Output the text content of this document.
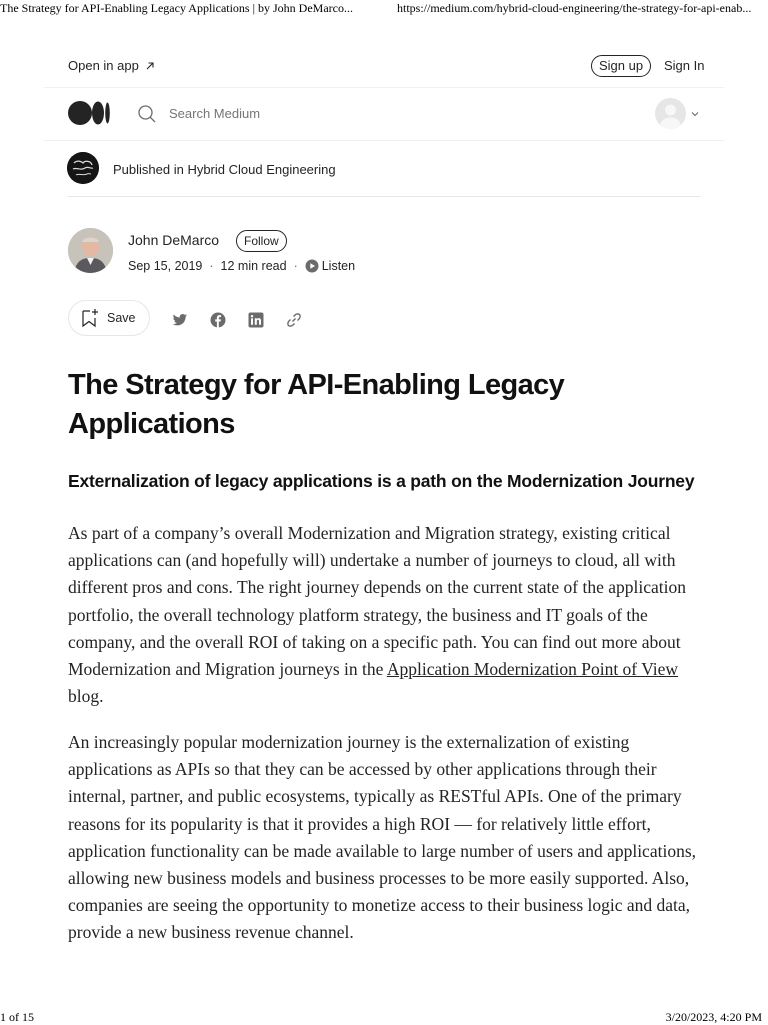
The Strategy for API-Enabling Legacy Applications | by John DeMarco...	https://medium.com/hybrid-cloud-engineering/the-strategy-for-api-enab...
1 of 15	3/20/2023, 4:20 PM
Open in app	Sign up	Sign In
Search Medium
Published in Hybrid Cloud Engineering
John DeMarco	Follow
Sep 15, 2019 · 12 min read · Listen
Save
The Strategy for API-Enabling Legacy Applications
Externalization of legacy applications is a path on the Modernization Journey

As part of a company’s overall Modernization and Migration strategy, existing critical applications can (and hopefully will) undertake a number of journeys to cloud, all with different pros and cons. The right journey depends on the current state of the application portfolio, the overall technology platform strategy, the business and IT goals of the company, and the overall ROI of taking on a specific path. You can find out more about Modernization and Migration journeys in the Application Modernization Point of View blog.

An increasingly popular modernization journey is the externalization of existing applications as APIs so that they can be accessed by other applications through their internal, partner, and public ecosystems, typically as RESTful APIs. One of the primary reasons for its popularity is that it provides a high ROI — for relatively little effort, application functionality can be made available to large number of users and applications, allowing new business models and business processes to be more easily supported. Also, companies are seeing the opportunity to monetize access to their business logic and data, provide a new business revenue channel.
